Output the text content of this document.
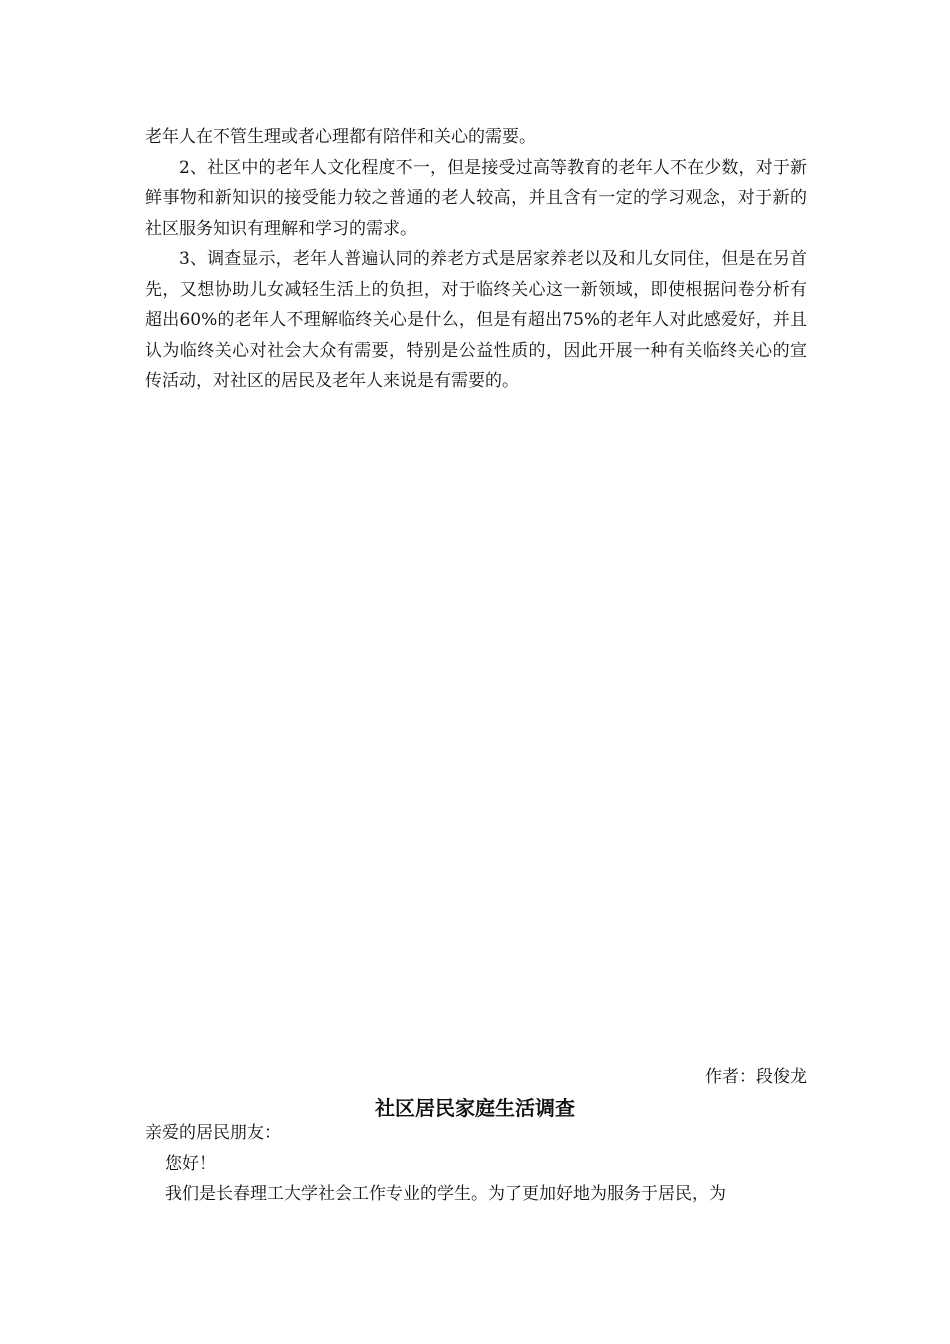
老年人在不管生理或者心理都有陪伴和关心的需要。

2、社区中的老年人文化程度不一，但是接受过高等教育的老年人不在少数，对于新鲜事物和新知识的接受能力较之普通的老人较高，并且含有一定的学习观念，对于新的社区服务知识有理解和学习的需求。

3、调查显示，老年人普遍认同的养老方式是居家养老以及和儿女同住，但是在另首先，又想协助儿女减轻生活上的负担，对于临终关心这一新领域，即使根据问卷分析有超出60%的老年人不理解临终关心是什么，但是有超出75%的老年人对此感爱好，并且认为临终关心对社会大众有需要，特别是公益性质的，因此开展一种有关临终关心的宣传活动，对社区的居民及老年人来说是有需要的。

作者：段俊龙
社区居民家庭生活调查

亲爱的居民朋友：

您好！

我们是长春理工大学社会工作专业的学生。为了更加好地为服务于居民，为
